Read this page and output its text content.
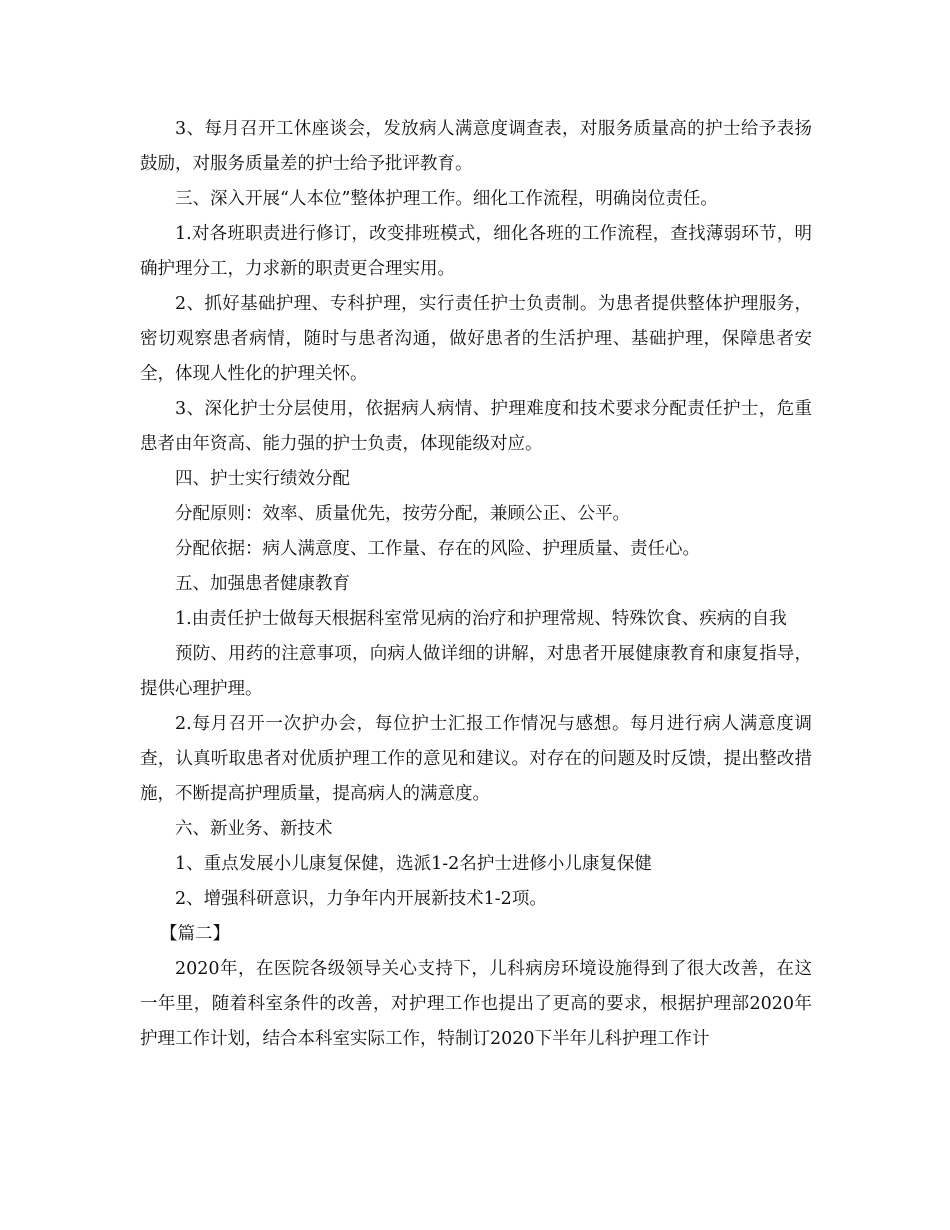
3、每月召开工休座谈会，发放病人满意度调查表，对服务质量高的护士给予表扬鼓励，对服务质量差的护士给予批评教育。

三、深入开展“人本位”整体护理工作。细化工作流程，明确岗位责任。

1.对各班职责进行修订，改变排班模式，细化各班的工作流程，查找薄弱环节，明确护理分工，力求新的职责更合理实用。

2、抓好基础护理、专科护理，实行责任护士负责制。为患者提供整体护理服务，密切观察患者病情，随时与患者沟通，做好患者的生活护理、基础护理，保障患者安全，体现人性化的护理关怀。

3、深化护士分层使用，依据病人病情、护理难度和技术要求分配责任护士，危重患者由年资高、能力强的护士负责，体现能级对应。

四、护士实行绩效分配

分配原则：效率、质量优先，按劳分配，兼顾公正、公平。

分配依据：病人满意度、工作量、存在的风险、护理质量、责任心。

五、加强患者健康教育

1.由责任护士做每天根据科室常见病的治疗和护理常规、特殊饮食、疾病的自我

预防、用药的注意事项，向病人做详细的讲解，对患者开展健康教育和康复指导，提供心理护理。

2.每月召开一次护办会，每位护士汇报工作情况与感想。每月进行病人满意度调查，认真听取患者对优质护理工作的意见和建议。对存在的问题及时反馈，提出整改措施，不断提高护理质量，提高病人的满意度。

六、新业务、新技术

1、重点发展小儿康复保健，选派1-2名护士进修小儿康复保健

2、增强科研意识，力争年内开展新技术1-2项。

【篇二】

2020年，在医院各级领导关心支持下，儿科病房环境设施得到了很大改善，在这一年里，随着科室条件的改善，对护理工作也提出了更高的要求，根据护理部2020年护理工作计划，结合本科室实际工作，特制订2020下半年儿科护理工作计
